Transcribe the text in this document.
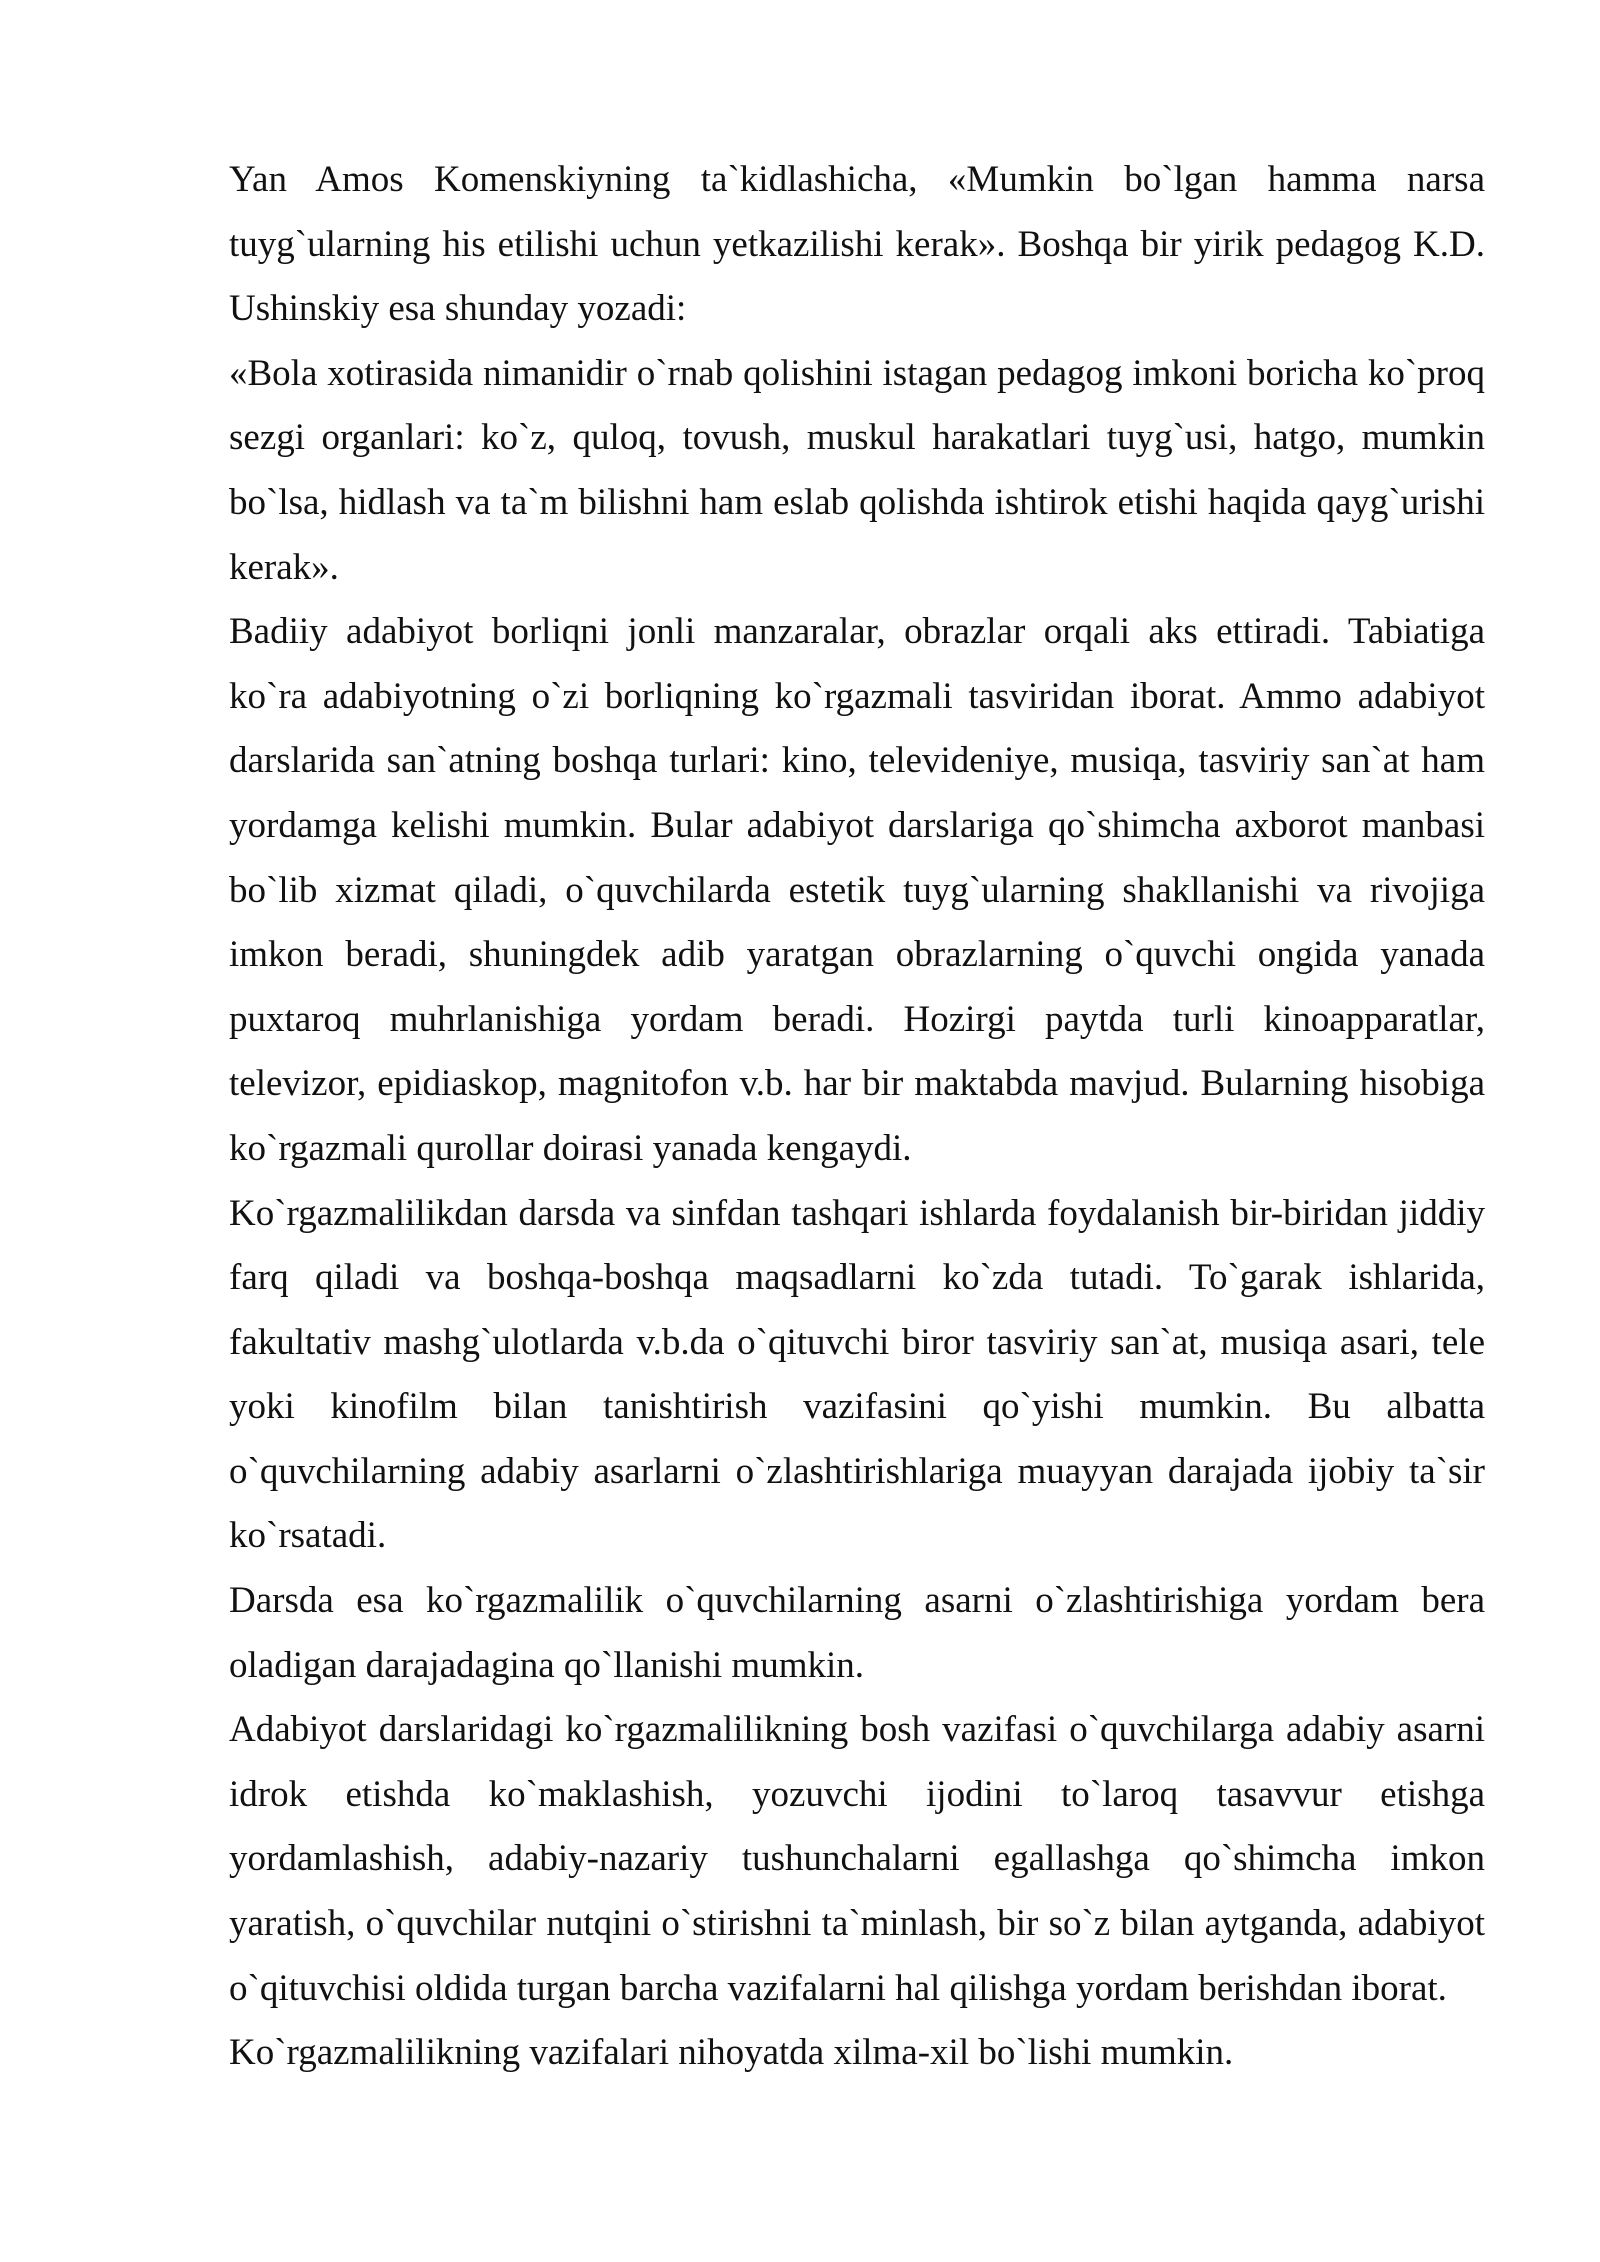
Yan Amos Komenskiyning ta`kidlashicha, «Mumkin bo`lgan hamma narsa tuyg`ularning his etilishi uchun yetkazilishi kerak». Boshqa bir yirik pedagog K.D. Ushinskiy esa shunday yozadi:

«Bola xotirasida nimanidir o`rnab qolishini istagan pedagog imkoni boricha ko`proq sezgi organlari: ko`z, quloq, tovush, muskul harakatlari tuyg`usi, hatgo, mumkin bo`lsa, hidlash va ta`m bilishni ham eslab qolishda ishtirok etishi haqida qayg`urishi kerak».

Badiiy adabiyot borliqni jonli manzaralar, obrazlar orqali aks ettiradi. Tabiatiga ko`ra adabiyotning o`zi borliqning ko`rgazmali tasviridan iborat. Ammo adabiyot darslarida san`atning boshqa turlari: kino, televideniye, musiqa, tasviriy san`at ham yordamga kelishi mumkin. Bular adabiyot darslariga qo`shimcha axborot manbasi bo`lib xizmat qiladi, o`quvchilarda estetik tuyg`ularning shakllanishi va rivojiga imkon beradi, shuningdek adib yaratgan obrazlarning o`quvchi ongida yanada puxtaroq muhrlanishiga yordam beradi. Hozirgi paytda turli kinoapparatlar, televizor, epidiaskop, magnitofon v.b. har bir maktabda mavjud. Bularning hisobiga ko`rgazmali qurollar doirasi yanada kengaydi.

Ko`rgazmalilikdan darsda va sinfdan tashqari ishlarda foydalanish bir-biridan jiddiy farq qiladi va boshqa-boshqa maqsadlarni ko`zda tutadi. To`garak ishlarida, fakultativ mashg`ulotlarda v.b.da o`qituvchi biror tasviriy san`at, musiqa asari, tele yoki kinofilm bilan tanishtirish vazifasini qo`yishi mumkin. Bu albatta o`quvchilarning adabiy asarlarni o`zlashtirishlariga muayyan darajada ijobiy ta`sir ko`rsatadi.

Darsda esa ko`rgazmalilik o`quvchilarning asarni o`zlashtirishiga yordam bera oladigan darajadagina qo`llanishi mumkin.

Adabiyot darslaridagi ko`rgazmalilikning bosh vazifasi o`quvchilarga adabiy asarni idrok etishda ko`maklashish, yozuvchi ijodini to`laroq tasavvur etishga yordamlashish, adabiy-nazariy tushunchalarni egallashga qo`shimcha imkon yaratish, o`quvchilar nutqini o`stirishni ta`minlash, bir so`z bilan aytganda, adabiyot o`qituvchisi oldida turgan barcha vazifalarni hal qilishga yordam berishdan iborat.

Ko`rgazmalilikning vazifalari nihoyatda xilma-xil bo`lishi mumkin.
